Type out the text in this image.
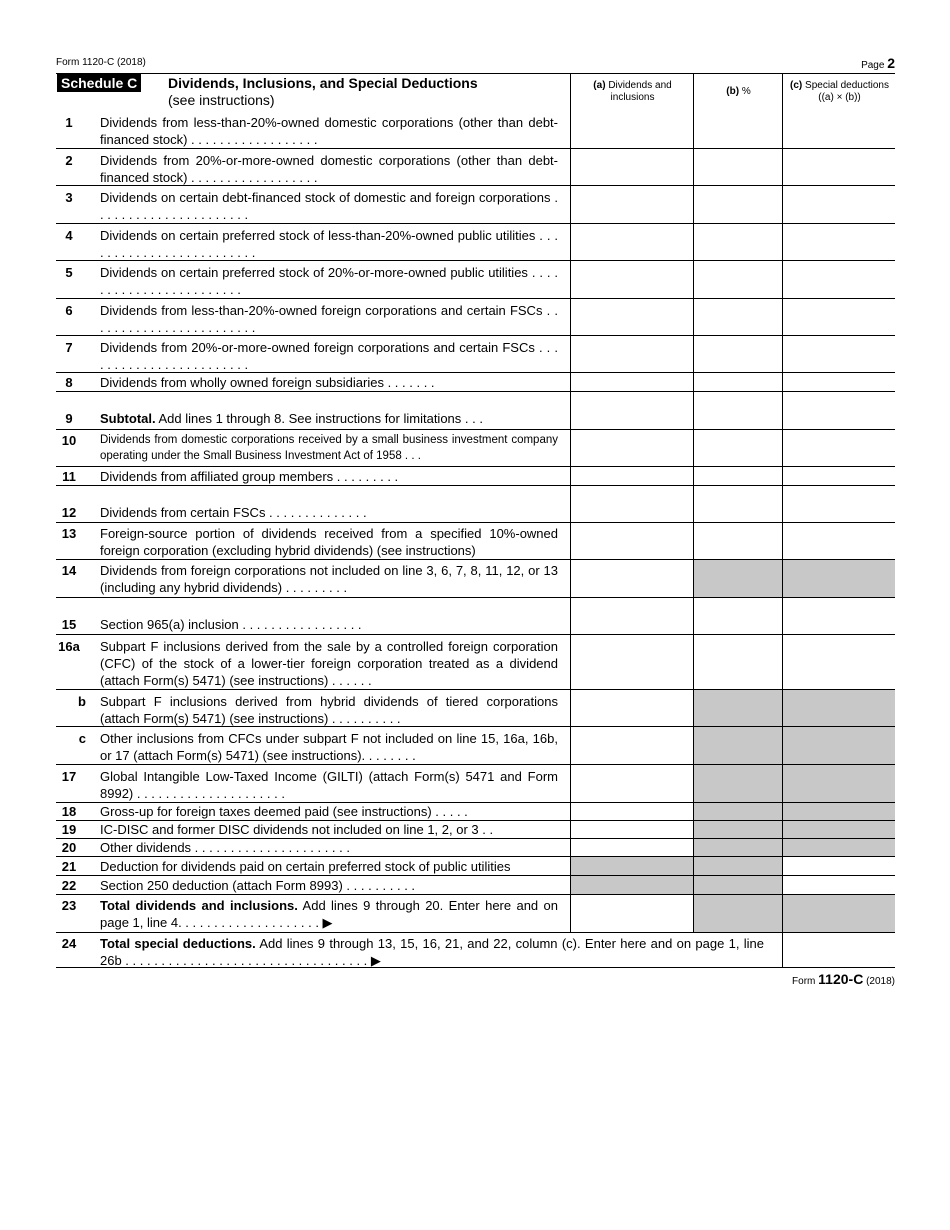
Form 1120-C (2018)	Page 2
Schedule C Dividends, Inclusions, and Special Deductions
(see instructions)
(a) Dividends and inclusions
(b) %
(c) Special deductions
((a) × (b))
1	Dividends from less-than-20%-owned domestic corporations (other than debt-financed stock) . . . . . . . . . . . . . . . . . .
2	Dividends from 20%-or-more-owned domestic corporations (other than debt-financed stock) . . . . . . . . . . . . . . . . . .
3	Dividends on certain debt-financed stock of domestic and foreign corporations . . . . . . . . . . . . . . . . . . . . . .
4	Dividends on certain preferred stock of less-than-20%-owned public utilities . . . . . . . . . . . . . . . . . . . . . . . . .
5	Dividends on certain preferred stock of 20%-or-more-owned public utilities . . . . . . . . . . . . . . . . . . . . . . . .
6	Dividends from less-than-20%-owned foreign corporations and certain FSCs . . . . . . . . . . . . . . . . . . . . . . . .
7	Dividends from 20%-or-more-owned foreign corporations and certain FSCs . . . . . . . . . . . . . . . . . . . . . . . .
8	Dividends from wholly owned foreign subsidiaries . . . . . . .
9	Subtotal. Add lines 1 through 8. See instructions for limitations . . .
10	Dividends from domestic corporations received by a small business investment company operating under the Small Business Investment Act of 1958 . . .
11	Dividends from affiliated group members . . . . . . . . .
12	Dividends from certain FSCs . . . . . . . . . . . . . .
13	Foreign-source portion of dividends received from a specified 10%-owned foreign corporation (excluding hybrid dividends) (see instructions)
14	Dividends from foreign corporations not included on line 3, 6, 7, 8, 11, 12, or 13 (including any hybrid dividends) . . . . . . . . .
15	Section 965(a) inclusion . . . . . . . . . . . . . . . . .
16a Subpart F inclusions derived from the sale by a controlled foreign corporation (CFC) of the stock of a lower-tier foreign corporation treated as a dividend (attach Form(s) 5471) (see instructions) . . . . . .
b Subpart F inclusions derived from hybrid dividends of tiered corporations (attach Form(s) 5471) (see instructions) . . . . . . . . . .
c Other inclusions from CFCs under subpart F not included on line 15, 16a, 16b, or 17 (attach Form(s) 5471) (see instructions). . . . . . . .
17	Global Intangible Low-Taxed Income (GILTI) (attach Form(s) 5471 and Form 8992) . . . . . . . . . . . . . . . . . . . . .
18	Gross-up for foreign taxes deemed paid (see instructions) . . . . .
19	IC-DISC and former DISC dividends not included on line 1, 2, or 3 . .
20	Other dividends . . . . . . . . . . . . . . . . . . . . . .
21	Deduction for dividends paid on certain preferred stock of public utilities
22	Section 250 deduction (attach Form 8993) . . . . . . . . . .
23	Total dividends and inclusions. Add lines 9 through 20. Enter here and on page 1, line 4. . . . . . . . . . . . . . . . . . . . ▶
24	Total special deductions. Add lines 9 through 13, 15, 16, 21, and 22, column (c). Enter here and on page 1, line 26b . . . . . . . . . . . . . . . . . . . . . . . . . . . . . . . . . . ▶
Form 1120-C (2018)
